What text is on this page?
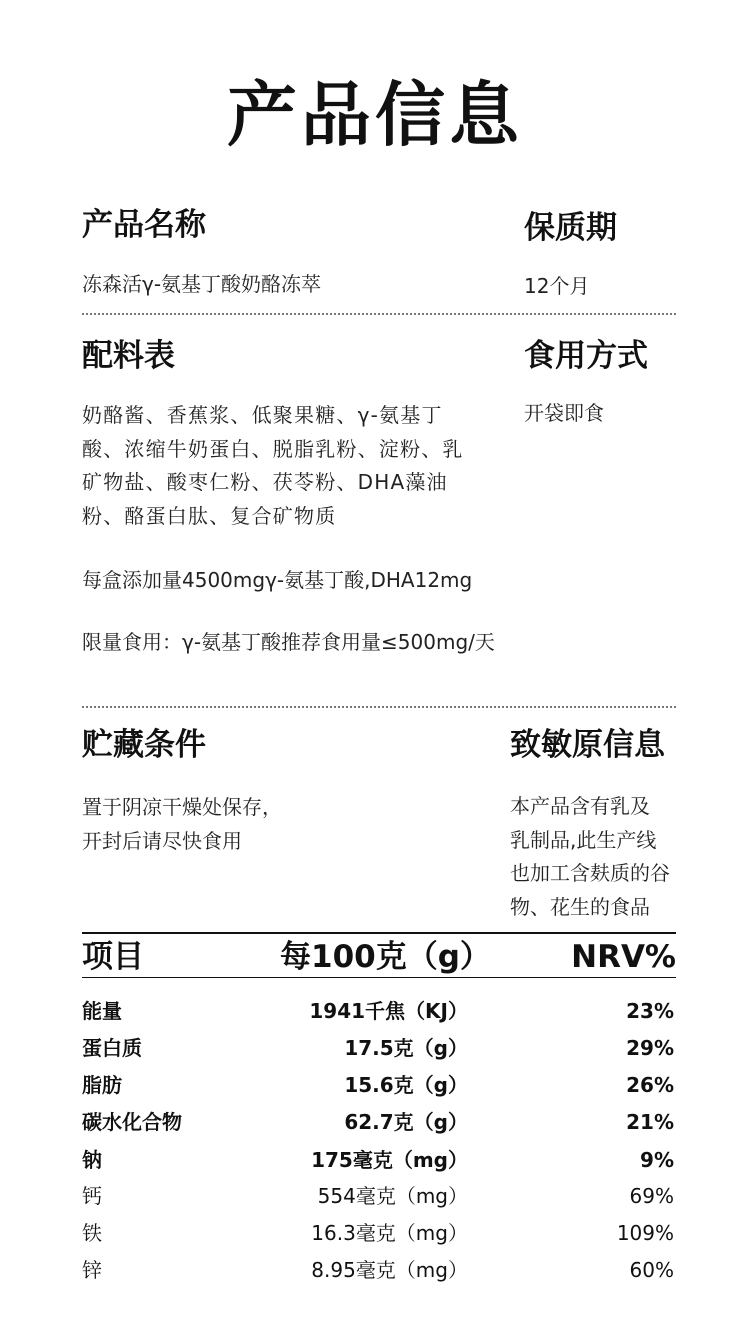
产品信息
产品名称	保质期
冻森活γ-氨基丁酸奶酪冻萃	12个月
配料表	食用方式
奶酪酱、香蕉浆、低聚果糖、γ-氨基丁
酸、浓缩牛奶蛋白、脱脂乳粉、淀粉、乳
矿物盐、酸枣仁粉、茯苓粉、DHA藻油
粉、酪蛋白肽、复合矿物质
开袋即食
每盒添加量4500mgγ-氨基丁酸,DHA12mg
限量食用：γ-氨基丁酸推荐食用量≤500mg/天
贮藏条件	致敏原信息
置于阴凉干燥处保存，
开封后请尽快食用
本产品含有乳及
乳制品,此生产线
也加工含麸质的谷
物、花生的食品
项目	每100克（g）	NRV%
能量	1941千焦（KJ）	23%
蛋白质	17.5克（g）	29%
脂肪	15.6克（g）	26%
碳水化合物	62.7克（g）	21%
钠	175毫克（mg）	9%
钙	554毫克（mg）	69%
铁	16.3毫克（mg）	109%
锌	8.95毫克（mg）	60%
